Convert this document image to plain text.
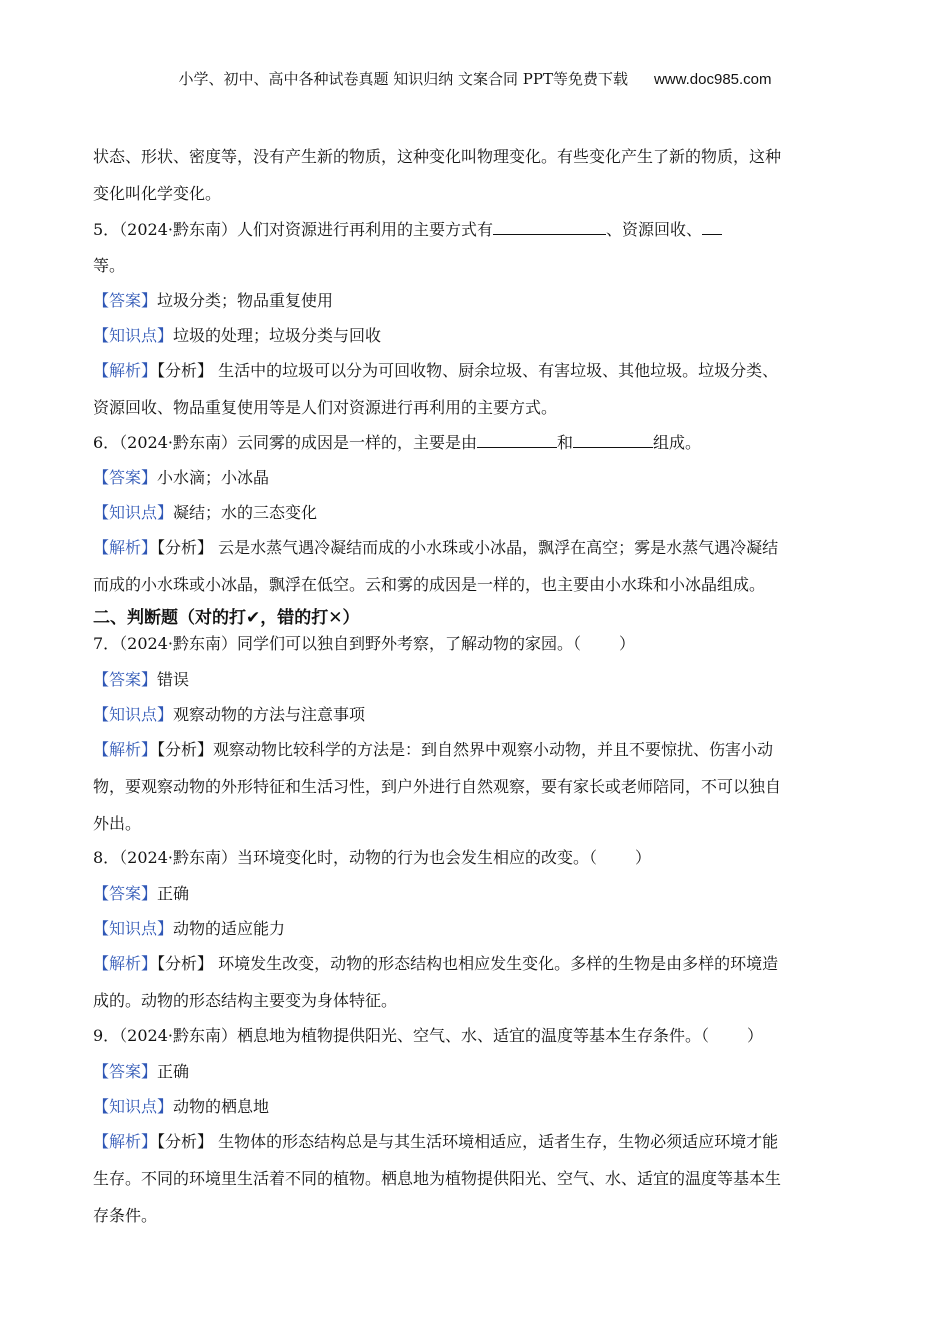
小学、初中、高中各种试卷真题 知识归纳 文案合同 PPT等免费下载 www.doc985.com
状态、形状、密度等，没有产生新的物质，这种变化叫物理变化。有些变化产生了新的物质，这种
变化叫化学变化。
5．（2024·黔东南）人们对资源进行再利用的主要方式有	、资源回收、
等。
【答案】垃圾分类；物品重复使用
【知识点】垃圾的处理；垃圾分类与回收
【解析】【分析】 生活中的垃圾可以分为可回收物、厨余垃圾、有害垃圾、其他垃圾。垃圾分类、
资源回收、物品重复使用等是人们对资源进行再利用的主要方式。
6．（2024·黔东南）云同雾的成因是一样的，主要是由	和	组成。
【答案】小水滴；小冰晶
【知识点】凝结；水的三态变化
【解析】【分析】 云是水蒸气遇冷凝结而成的小水珠或小冰晶，飘浮在高空；雾是水蒸气遇冷凝结
而成的小水珠或小冰晶，飘浮在低空。云和雾的成因是一样的，也主要由小水珠和小冰晶组成。
二、判断题（对的打✔，错的打✕）
7．（2024·黔东南）同学们可以独自到野外考察，了解动物的家园。（ ）
【答案】错误
【知识点】观察动物的方法与注意事项
【解析】【分析】观察动物比较科学的方法是：到自然界中观察小动物，并且不要惊扰、伤害小动
物，要观察动物的外形特征和生活习性，到户外进行自然观察，要有家长或老师陪同，不可以独自
外出。
8．（2024·黔东南）当环境变化时，动物的行为也会发生相应的改变。（ ）
【答案】正确
【知识点】动物的适应能力
【解析】【分析】 环境发生改变，动物的形态结构也相应发生变化。多样的生物是由多样的环境造
成的。动物的形态结构主要变为身体特征。
9．（2024·黔东南）栖息地为植物提供阳光、空气、水、适宜的温度等基本生存条件。（ ）
【答案】正确
【知识点】动物的栖息地
【解析】【分析】 生物体的形态结构总是与其生活环境相适应，适者生存，生物必须适应环境才能
生存。不同的环境里生活着不同的植物。栖息地为植物提供阳光、空气、水、适宜的温度等基本生
存条件。
